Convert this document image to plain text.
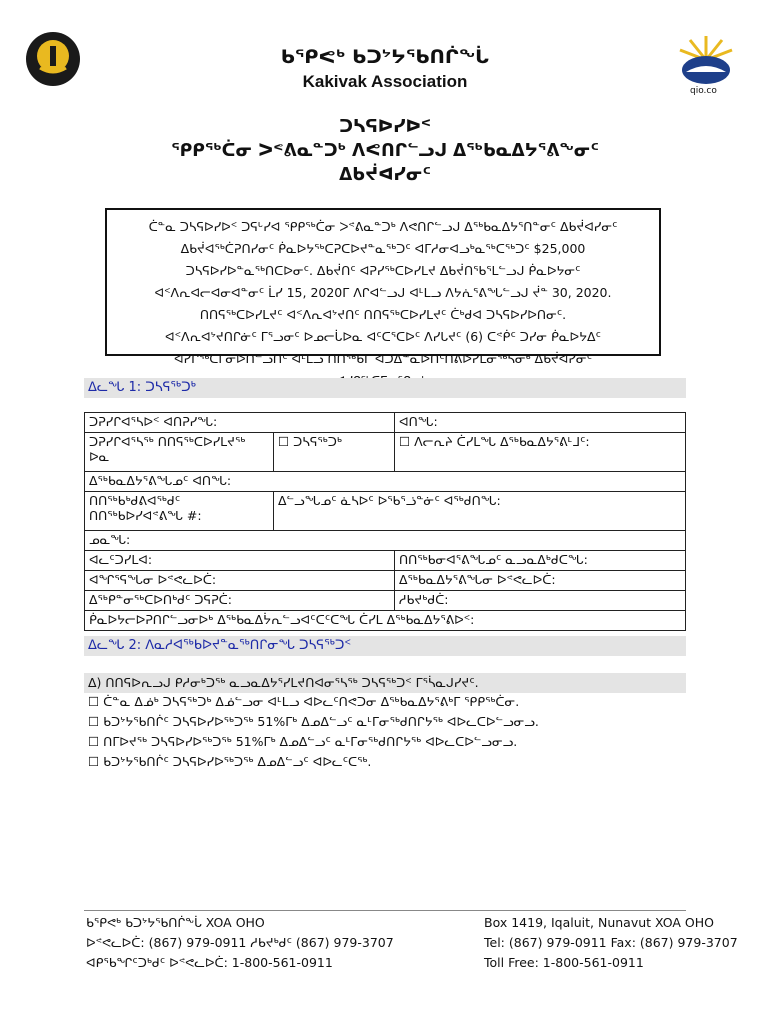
qio.co
ᑲᕿᕙᒃ ᑲᑐᔾᔭᕐᑲᑎᒌᖕᒑ
Kakivak Association
ᑐᓴᕋᐅᓯᐅᑉ
ᕿᑭᖅᑖᓂ ᐳᕝᕕᓇᓐᑐᒃ ᐱᕙᑎᒋᓪᓗᒍ ᐃᖅᑲᓇᐃᔭᕐᕕᖕᓂᑦ
ᐃᑲᔫᐊᓯᓂᑦ
ᑖᓐᓇ ᑐᓴᕋᐅᓯᐅᑉ ᑐᕋᒡᓯᐊ ᕿᑭᖅᑖᓂ ᐳᕝᕕᓇᓐᑐᒃ ᐱᕙᑎᒋᓪᓗᒍ ᐃᖅᑲᓇᐃᔭᕐᑎᓐᓂᑦ ᐃᑲᔫᐊᓯᓂᑦ
ᐃᑲᔫᐊᖅᑖᕈᑎᓯᓂᑦ ᑮᓇᐅᔭᖅᑕᕈᑕᐅᔪᓐᓇᖅᑐᑦ ᐊᒥᓱᓂᐊᓗᒃᓇᖅᑕᖅᑐᑦ $25,000
ᑐᓴᕋᐅᓯᐅᓐᓇᖅᑎᑕᐅᓂᑦ. ᐃᑲᔫᑎᑦ ᐊᕈᓯᖅᑕᐅᓯᒪᔪ ᐃᑲᔫᑎᖃᕐᒪᓪᓗᒍ ᑮᓇᐅᔭᓂᑦ
ᐊᑉᐱᕆᐊᓕᐊᓂᐊᓐᓂᑦ ᒫᓯ 15, 2020ᒥ ᐱᒋᐊᓪᓗᒍ ᐊᒻᒪᓗ ᐱᔭᕇᕐᕕᖓᓪᓗᒍ ᔫᓐ 30, 2020.
ᑎᑎᕋᖅᑕᐅᓯᒪᔪᑦ ᐊᑉᐱᕆᐊᔾᔪᑎᑦ ᑎᑎᕋᖅᑕᐅᓯᒪᔪᑦ ᑖᒃᑯᐊ ᑐᓴᕋᐅᓯᐅᑎᓂᑦ.
ᐊᑉᐱᕆᐊᔾᔪᑎᒋᓃᑦ ᒥᕐᓗᓂᑦ ᐅᓄᓕᒑᐅᓇ ᐊᑦᑕᕐᑕᐅᑦ ᐱᓯᒐᔪᑦ (6) ᑕᕝᑮᑦ ᑐᓯᓂ ᑮᓇᐅᔭᐃᑦ
ᐊᓯᒋᖅᑕᒥᓂᐅᑎᓪᓗᑎᑦ ᐊᒻᒪᓗ ᑎᑎᖅᑲᒥ ᐊᑐᐃᓐᓇᐅᑎᑦᑎᕕᐅᓯᒪᓂᖅᓴᓂᒃ ᐃᑲᔫᐊᓯᓂᑦ
ᐃᓚᖓ 1: ᑐᓴᕋᖅᑐᒃ
ᑐᕈᓯᒋᐊᕐᓴᐅᑉ ᐊᑎᕈᓯᖓ:		ᐊᑎᖓ:
ᑐᕈᓯᒋᐊᕐᓴᖅ ᑎᑎᕋᖅᑕᐅᓯᒪᔪᖅ ᐅᓇ	☐ ᑐᓴᕋᖅᑐᒃ	☐ ᐱᓕᕆᔨ ᑖᓯᒪᖓ ᐃᖅᑲᓇᐃᔭᕐᕕᒻᒧᑦ:
ᐃᖅᑲᓇᐃᔭᕐᕕᖓᓄᑦ ᐊᑎᖓ:		
ᑎᑎᖅᑲᒃᑯᕕᐊᕐᒃᑯᑦ ᑎᑎᖅᑲᐅᓯᐊᕝᕕᖓ #:	ᐃᓪᓗᖓᓄᑦ ᓈᓴᐅᑦ ᐅᖃᕐᓘᓐᓃᑦ ᐊᖅᑯᑎᖓ:	
ᓄᓇᖓ:		
ᐊᓚᑦᑐᓯᒪᐊ:		ᑎᑎᖅᑲᓂᐊᕐᕕᖓᓄᑦ ᓇᓗᓇᐃᒃᑯᑕᖓ:
ᐊᖏᕐᕋᖓᓂ ᐅᕝᕙᓚᐅᑖ:		ᐃᖅᑲᓇᐃᔭᕐᕕᖓᓂ ᐅᕝᕙᓚᐅᑖ:
ᐃᖅᑭᓐᓂᖅᑕᐅᑎᒃᑯᑦ ᑐᕋᕈᑖ:		ᓱᑲᔪᒃᑯᑖ:
ᑮᓇᐅᔭᓕᐅᕈᑎᒋᓪᓗᓂᐅᒃ ᐃᖅᑲᓇᐃᔮᕆᓪᓗᐊᑦᑕᑦᑕᖓ ᑖᓯᒪ ᐃᖅᑲᓇᐃᔭᕐᕕᐅᑉ:		
ᐃᓚᖓ 2: ᐱᓇᓱᐊᖅᑲᐅᔪᓐᓇᖅᑎᒋᓂᖓ ᑐᓴᕋᖅᑐᑉ
ᐃ) ᑎᑎᕋᐅᕆᓗᒍ ᑭᓱᓂᒃᑐᖅ ᓇᓗᓇᐃᔭᕐᓯᒪᔪᑎᐊᓂᕐᓴᖅ ᑐᓴᕋᖅᑐᑉ ᒥᕐᓵᓇᒍᓯᔪᑦ.
☐ ᑖᓐᓇ ᐃᓅᒃ ᑐᓴᕋᖅᑐᒃ ᐃᓅᓪᓗᓂ ᐊᒻᒪᓗ ᐊᐅᓚᑦᑎᕙᑐᓂ ᐃᖅᑲᓇᐃᔭᕐᕕᒃᒥ ᕿᑭᖅᑖᓂ.
☐ ᑲᑐᔾᔭᕐᑲᑎᒌᑦ ᑐᓴᕋᐅᓯᐅᖅᑐᖅ 51%ᒥᒃ ᐃᓄᐃᓪᓗᑦ ᓇᒻᒥᓂᖅᑯᑎᒋᔭᖅ ᐊᐅᓚᑕᐅᓪᓗᓂᓗ.
☐ ᑎᒥᐅᔪᖅ ᑐᓴᕋᐅᓯᐅᖅᑐᖅ 51%ᒥᒃ ᐃᓄᐃᓪᓗᑦ ᓇᒻᒥᓂᕐᒃᑯᑎᒋᔭᖅ ᐊᐅᓚᑕᐅᓪᓗᓂᓗ.
☐ ᑲᑐᔾᔭᕐᑲᑎᒌᑦ ᑐᓴᕋᐅᓯᐅᖅᑐᖅ ᐃᓄᐃᓪᓗᑦ ᐊᐅᓚᑦᑕᖅ.
ᑲᕿᕙᒃ ᑲᑐᔾᔭᕐᑲᑎᒌᖕᒑ XOA OHO
ᐅᕝᕙᓚᐅᑖ: (867) 979-0911 ᓱᑲᔪᒃᑯᑦ (867) 979-3707
ᐊᑭᖃᖏᑦᑐᒃᑯᑦ ᐅᕝᕙᓚᐅᑖ: 1-800-561-0911
Box 1419, Iqaluit, Nunavut XOA OHO
Tel: (867) 979-0911 Fax: (867) 979-3707
Toll Free: 1-800-561-0911
